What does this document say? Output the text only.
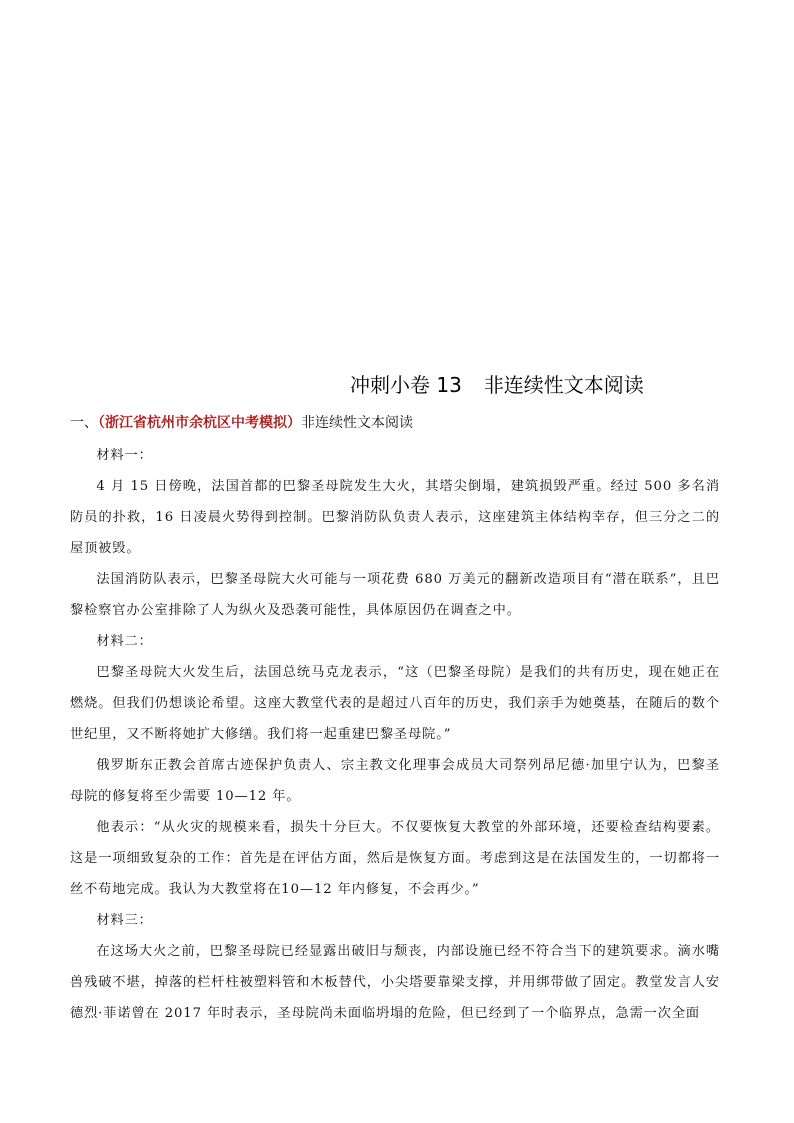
冲刺小卷 13 非连续性文本阅读
一、（浙江省杭州市余杭区中考模拟）非连续性文本阅读

材料一：

4 月 15 日傍晚，法国首都的巴黎圣母院发生大火，其塔尖倒塌，建筑损毁严重。经过 500 多名消防员的扑救，16 日凌晨火势得到控制。巴黎消防队负责人表示，这座建筑主体结构幸存，但三分之二的屋顶被毁。

法国消防队表示，巴黎圣母院大火可能与一项花费 680 万美元的翻新改造项目有“潜在联系”，且巴黎检察官办公室排除了人为纵火及恐袭可能性，具体原因仍在调查之中。

材料二：

巴黎圣母院大火发生后，法国总统马克龙表示，“这（巴黎圣母院）是我们的共有历史，现在她正在燃烧。但我们仍想谈论希望。这座大教堂代表的是超过八百年的历史，我们亲手为她奠基，在随后的数个世纪里，又不断将她扩大修缮。我们将一起重建巴黎圣母院。”

俄罗斯东正教会首席古迹保护负责人、宗主教文化理事会成员大司祭列昂尼德·加里宁认为，巴黎圣母院的修复将至少需要 10—12 年。

他表示：“从火灾的规模来看，损失十分巨大。不仅要恢复大教堂的外部环境，还要检查结构要素。这是一项细致复杂的工作：首先是在评估方面，然后是恢复方面。考虑到这是在法国发生的，一切都将一丝不苟地完成。我认为大教堂将在10—12 年内修复，不会再少。”

材料三：

在这场大火之前，巴黎圣母院已经显露出破旧与颓丧，内部设施已经不符合当下的建筑要求。滴水嘴兽残破不堪，掉落的栏杆柱被塑料管和木板替代，小尖塔要靠梁支撑，并用绑带做了固定。教堂发言人安德烈·菲诺曾在 2017 年时表示，圣母院尚未面临坍塌的危险，但已经到了一个临界点，急需一次全面
